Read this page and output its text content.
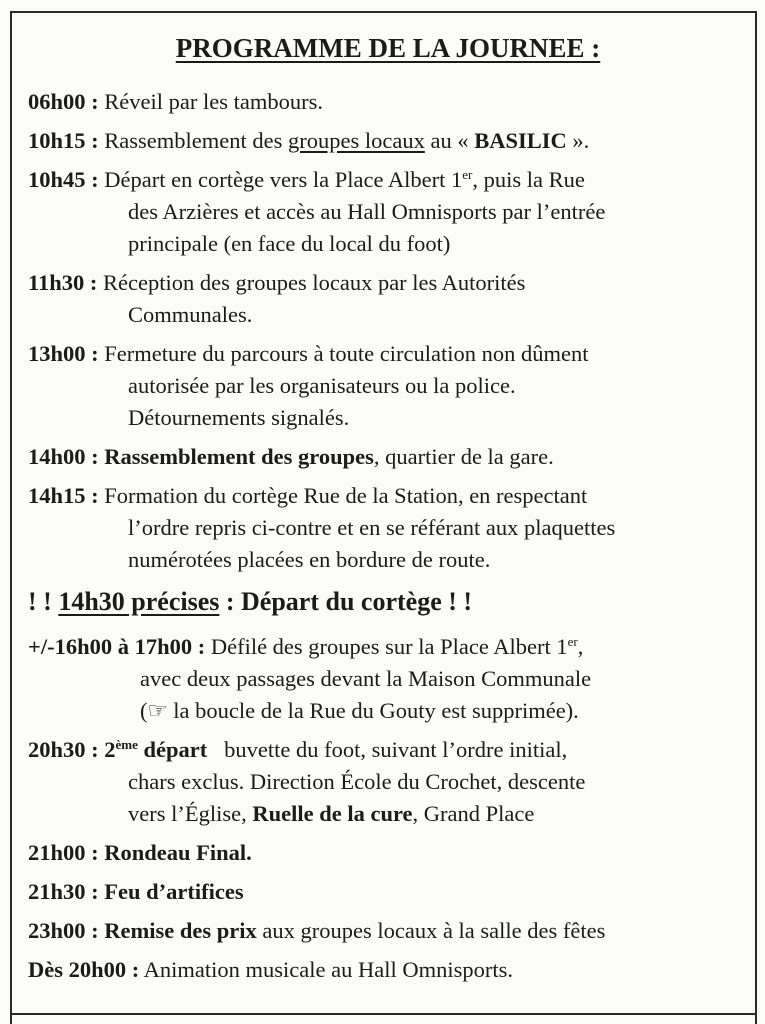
PROGRAMME DE LA JOURNEE :
06h00 : Réveil par les tambours.
10h15 : Rassemblement des groupes locaux au « BASILIC ».
10h45 : Départ en cortège vers la Place Albert 1er, puis la Rue
des Arzières et accès au Hall Omnisports par l’entrée
principale (en face du local du foot)
11h30 : Réception des groupes locaux par les Autorités
Communales.
13h00 : Fermeture du parcours à toute circulation non dûment
autorisée par les organisateurs ou la police.
Détournements signalés.
14h00 : Rassemblement des groupes, quartier de la gare.
14h15 : Formation du cortège Rue de la Station, en respectant
l’ordre repris ci-contre et en se référant aux plaquettes
numérotées placées en bordure de route.
! ! 14h30 précises : Départ du cortège ! !
+/-16h00 à 17h00 : Défilé des groupes sur la Place Albert 1er,
avec deux passages devant la Maison Communale
(☞ la boucle de la Rue du Gouty est supprimée).
20h30 : 2ème départ   buvette du foot, suivant l’ordre initial,
chars exclus. Direction École du Crochet, descente
vers l’Église, Ruelle de la cure, Grand Place
21h00 : Rondeau Final.
21h30 : Feu d’artifices
23h00 : Remise des prix aux groupes locaux à la salle des fêtes
Dès 20h00 : Animation musicale au Hall Omnisports.
